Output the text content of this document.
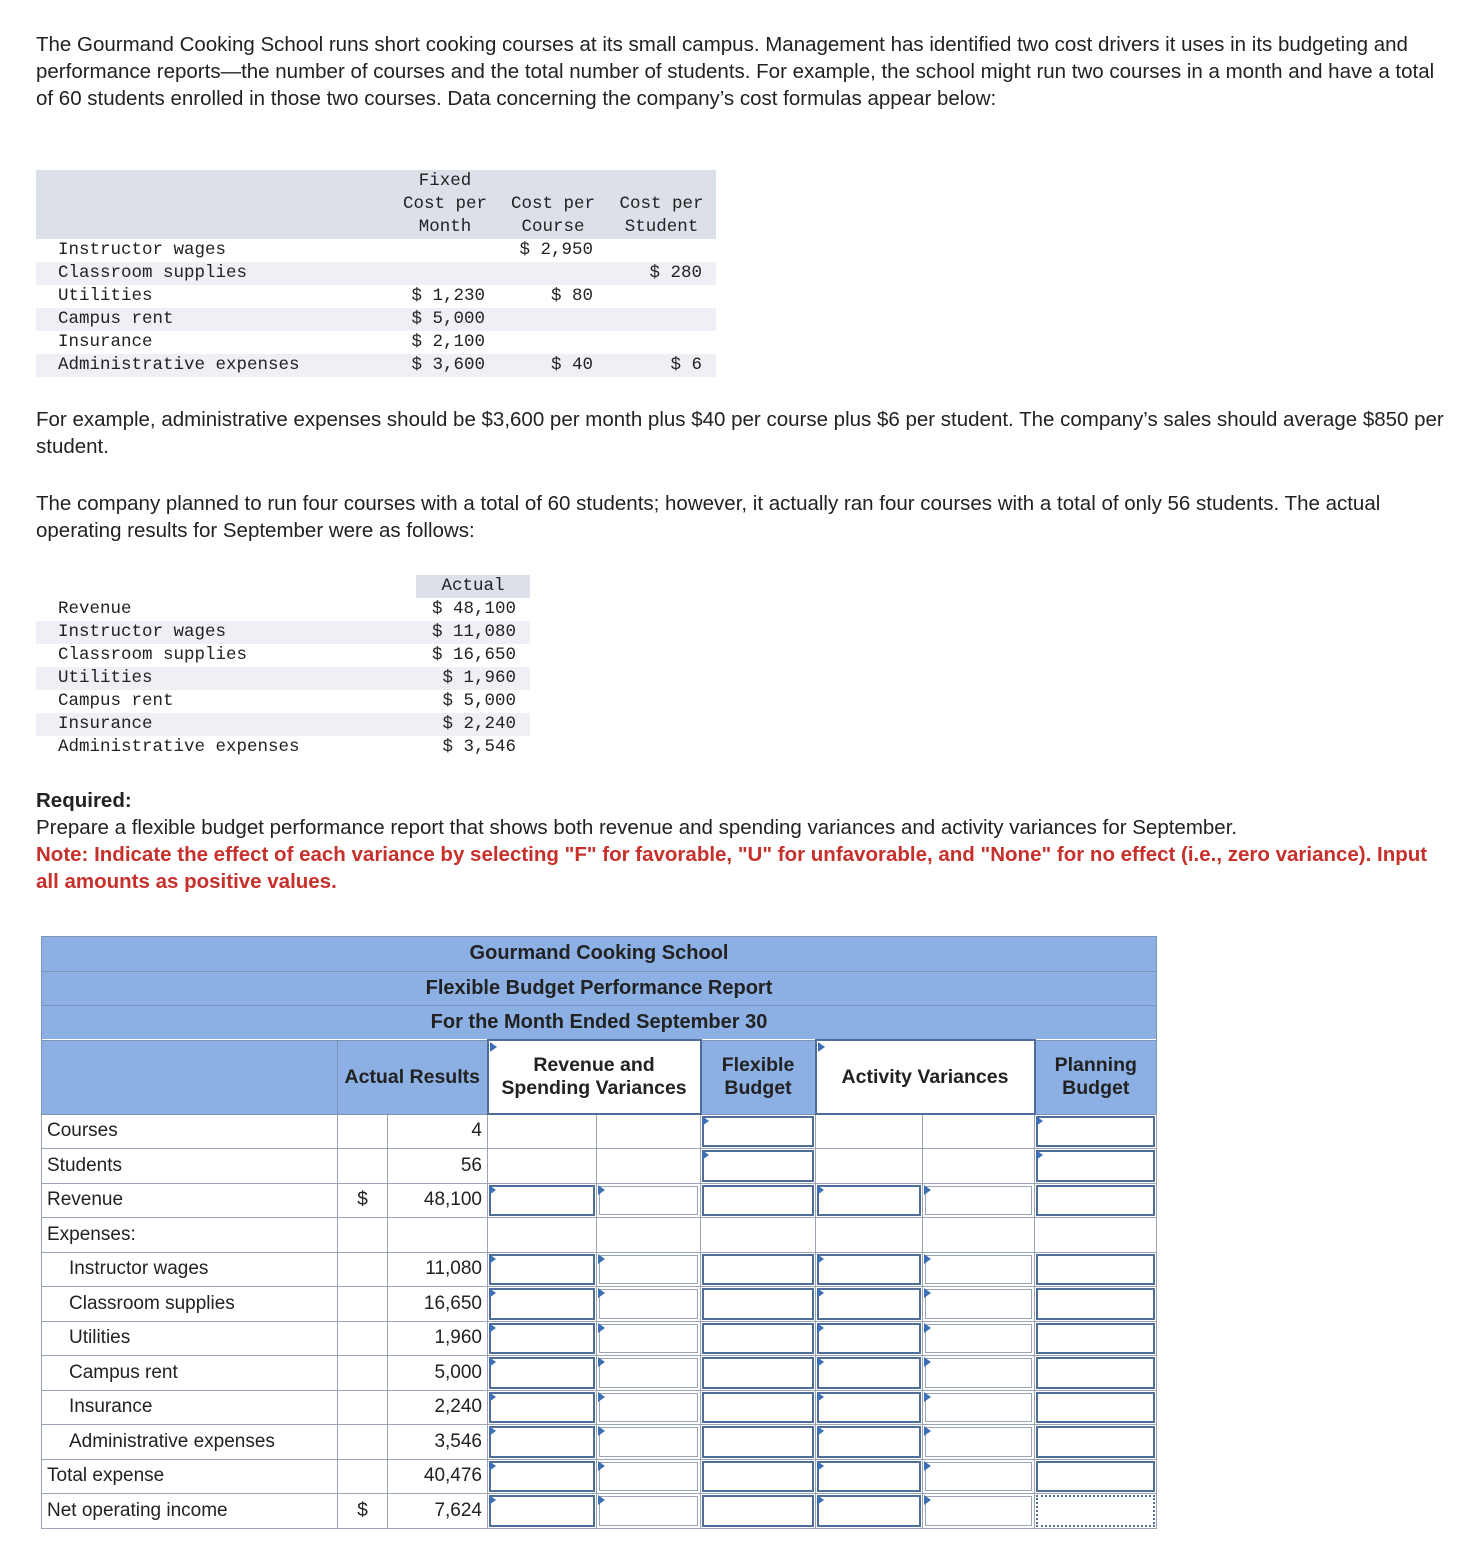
The Gourmand Cooking School runs short cooking courses at its small campus. Management has identified two cost drivers it uses in its budgeting and performance reports—the number of courses and the total number of students. For example, the school might run two courses in a month and have a total of 60 students enrolled in those two courses. Data concerning the company’s cost formulas appear below:

	Fixed		
	Cost per	Cost per	Cost per
	Month	Course	Student
Instructor wages		$ 2,950	
Classroom supplies			$ 280
Utilities	$ 1,230	$ 80	
Campus rent	$ 5,000		
Insurance	$ 2,100		
Administrative expenses	$ 3,600	$ 40	$ 6

For example, administrative expenses should be $3,600 per month plus $40 per course plus $6 per student. The company’s sales should average $850 per student.

The company planned to run four courses with a total of 60 students; however, it actually ran four courses with a total of only 56 students. The actual operating results for September were as follows:

	Actual
Revenue	$ 48,100
Instructor wages	$ 11,080
Classroom supplies	$ 16,650
Utilities	$ 1,960
Campus rent	$ 5,000
Insurance	$ 2,240
Administrative expenses	$ 3,546
Required:
Prepare a flexible budget performance report that shows both revenue and spending variances and activity variances for September.
Note: Indicate the effect of each variance by selecting "F" for favorable, "U" for unfavorable, and "None" for no effect (i.e., zero variance). Input all amounts as positive values.
Gourmand Cooking School								
Flexible Budget Performance Report								
For the Month Ended September 30								
	Actual Results		Revenue and Spending Variances		Flexible Budget	Activity Variances		Planning Budget
Courses		4			

Students		56			

Revenue	$	48,100	

Expenses:								
Instructor wages		11,080	

Classroom supplies		16,650	

Utilities		1,960	

Campus rent		5,000	

Insurance		2,240	

Administrative expenses		3,546	

Total expense		40,476	

Net operating income	$	7,624	
